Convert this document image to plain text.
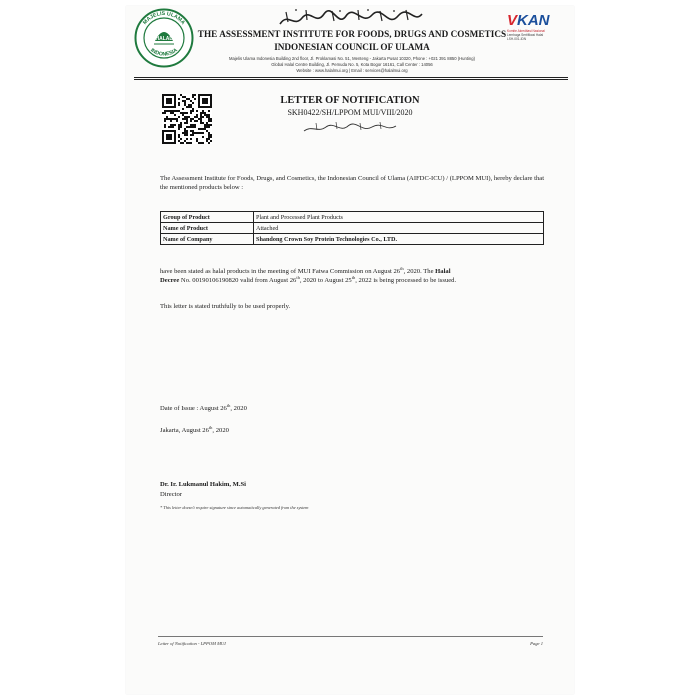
MAJELIS ULAMA
INDONESIA
HALAL
VKAN
Komite Akreditasi Nasional
Lembaga Sertifikasi Halal
LSH-001-IDN
THE ASSESSMENT INSTITUTE FOR FOODS, DRUGS AND COSMETICS
INDONESIAN COUNCIL OF ULAMA
Majelis Ulama Indonesia Building 2nd floor, Jl. Proklamasi No. 51, Menteng - Jakarta Pusat 10320, Phone : +021 391 8850 (Hunting)
Global Halal Centre Building, Jl. Pemuda No. 5, Kota Bogor 16161, Call Center : 14056
Website : www.halalmui.org | Email : services@halalmui.org
LETTER OF NOTIFICATION
SKH0422/SH/LPPOM MUI/VIII/2020
The Assessment Institute for Foods, Drugs, and Cosmetics, the Indonesian Council of Ulama (AIFDC-ICU) / (LPPOM MUI), hereby declare that the mentioned products below :
Group of Product	Plant and Processed Plant Products
Name of Product	Attached
Name of Company	Shandong Crown Soy Protein Technologies Co., LTD.
have been stated as halal products in the meeting of MUI Fatwa Commission on August 26th, 2020. The Halal
Decree No. 00190106190820 valid from August 26th, 2020 to August 25th, 2022 is being processed to be issued.
This letter is stated truthfully to be used properly.
Date of Issue : August 26th, 2020
Jakarta, August 26th, 2020
Dr. Ir. Lukmanul Hakim, M.Si
Director
* This letter doesn't require signature since automatically generated from the system
Letter of Notification - LPPOM MUI	Page 1
